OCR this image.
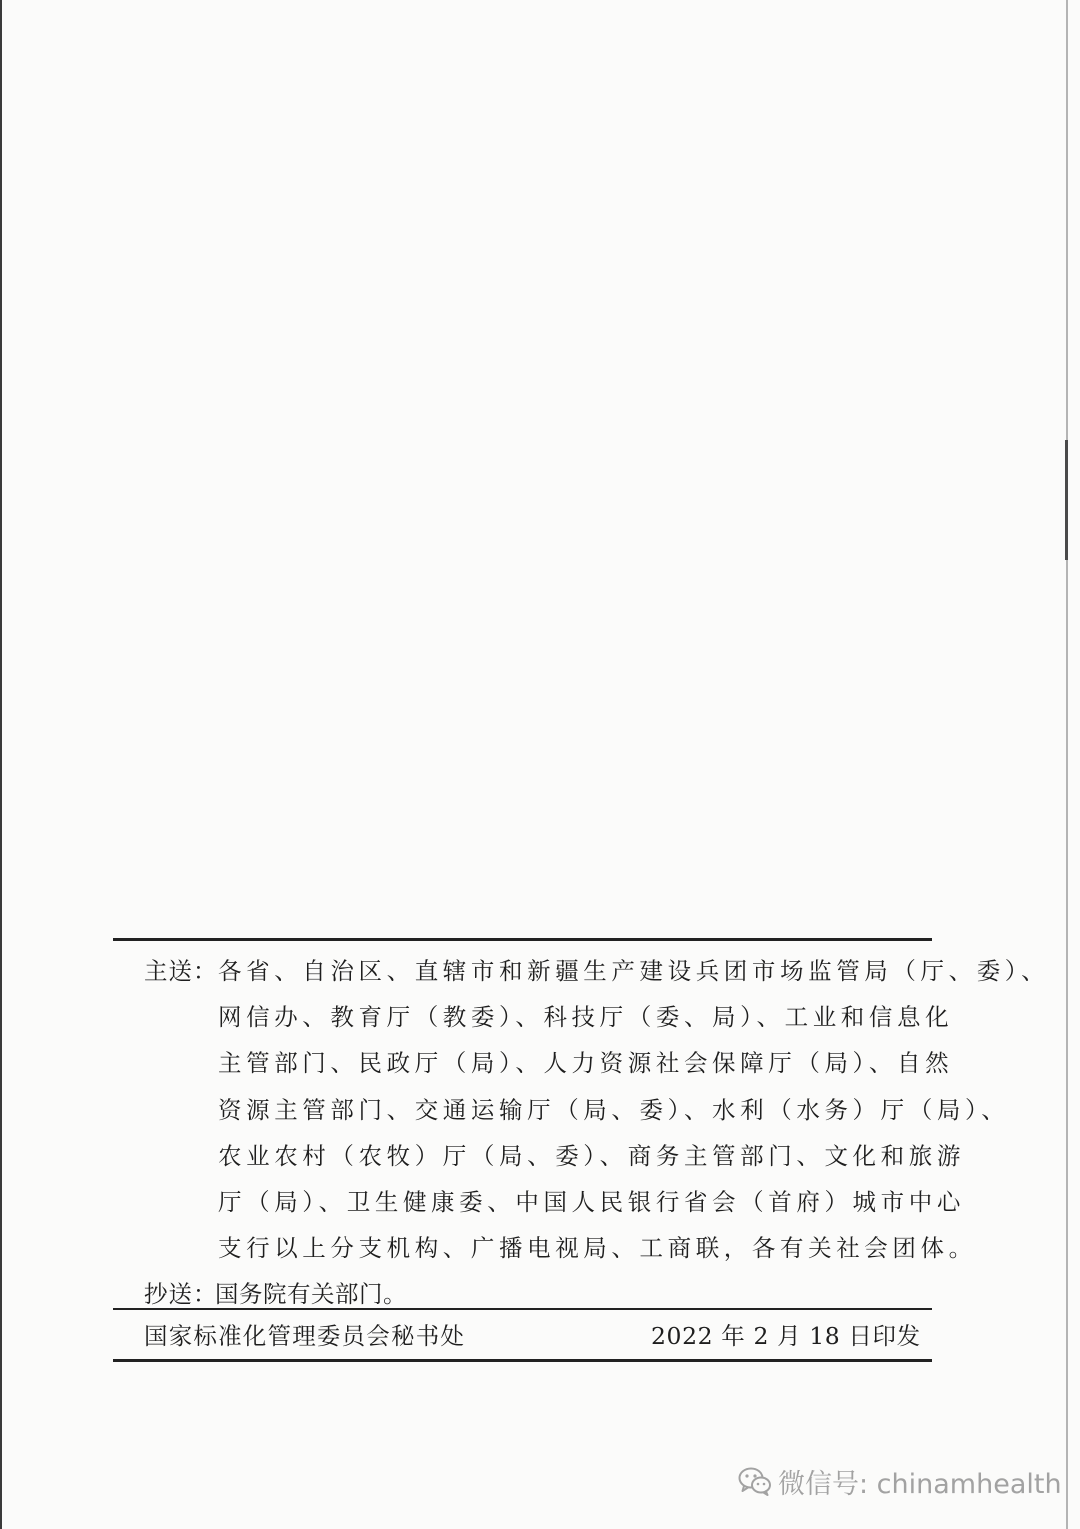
主送： 各省、自治区、直辖市和新疆生产建设兵团市场监管局（厅、委）、
网信办、教育厅（教委）、科技厅（委、局）、工业和信息化
主管部门、民政厅（局）、人力资源社会保障厅（局）、自然
资源主管部门、交通运输厅（局、委）、水利（水务）厅（局）、
农业农村（农牧）厅（局、委）、商务主管部门、文化和旅游
厅（局）、卫生健康委、中国人民银行省会（首府）城市中心
支行以上分支机构、广播电视局、工商联，各有关社会团体。
抄送：
国务院有关部门。
国家标准化管理委员会秘书处	2022 年 2 月 18 日印发
微信号: chinamhealth
